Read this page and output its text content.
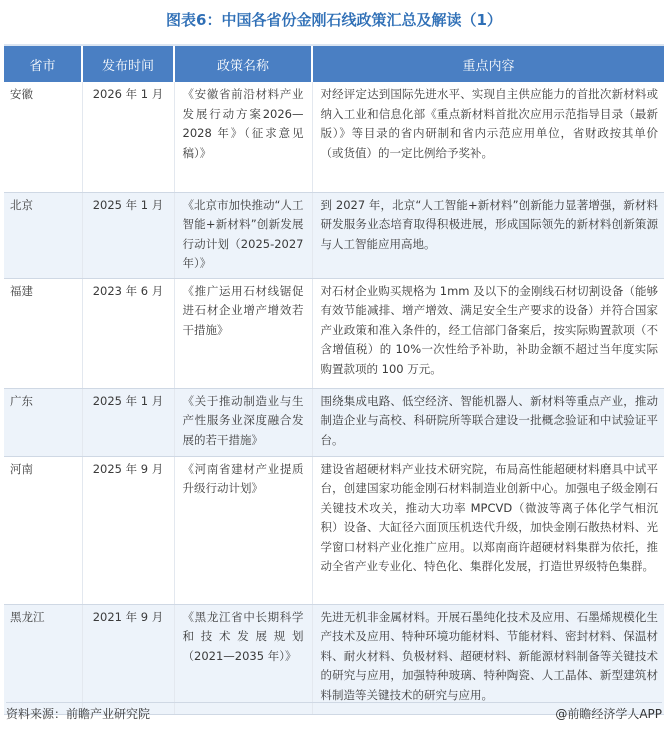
图表6：中国各省份金刚石线政策汇总及解读（1）
省市	发布时间	政策名称	重点内容
安徽	2026 年 1 月	《安徽省前沿材料产业发展行动方案2026—2028 年》（征求意见稿）》	对经评定达到国际先进水平、实现自主供应能力的首批次新材料或纳入工业和信息化部《重点新材料首批次应用示范指导目录（最新版）》等目录的省内研制和省内示范应用单位，省财政按其单价（或货值）的一定比例给予奖补。
北京	2025 年 1 月	《北京市加快推动“人工智能+新材料”创新发展行动计划（2025-2027 年）》	到 2027 年，北京“人工智能+新材料”创新能力显著增强，新材料研发服务业态培育取得积极进展，形成国际领先的新材料创新策源与人工智能应用高地。
福建	2023 年 6 月	《推广运用石材线锯促进石材企业增产增效若干措施》	对石材企业购买规格为 1mm 及以下的金刚线石材切割设备（能够有效节能减排、增产增效、满足安全生产要求的设备）并符合国家产业政策和准入条件的，经工信部门备案后，按实际购置款项（不含增值税）的 10%一次性给予补助，补助金额不超过当年度实际购置款项的 100 万元。
广东	2025 年 1 月	《关于推动制造业与生产性服务业深度融合发展的若干措施》	围绕集成电路、低空经济、智能机器人、新材料等重点产业，推动制造企业与高校、科研院所等联合建设一批概念验证和中试验证平台。
河南	2025 年 9 月	《河南省建材产业提质升级行动计划》	建设省超硬材料产业技术研究院，布局高性能超硬材料磨具中试平台，创建国家功能金刚石材料制造业创新中心。加强电子级金刚石关键技术攻关，推动大功率 MPCVD（微波等离子体化学气相沉积）设备、大缸径六面顶压机迭代升级，加快金刚石散热材料、光学窗口材料产业化推广应用。以郑南商许超硬材料集群为依托，推动全省产业专业化、特色化、集群化发展，打造世界级特色集群。
黑龙江	2021 年 9 月	《黑龙江省中长期科学和技术发展规划（2021—2035 年）》	先进无机非金属材料。开展石墨纯化技术及应用、石墨烯规模化生产技术及应用、特种环境功能材料、节能材料、密封材料、保温材料、耐火材料、负极材料、超硬材料、新能源材料制备等关键技术的研究与应用，加强特种玻璃、特种陶瓷、人工晶体、新型建筑材料制造等关键技术的研究与应用。
资料来源：前瞻产业研究院	@前瞻经济学人APP
